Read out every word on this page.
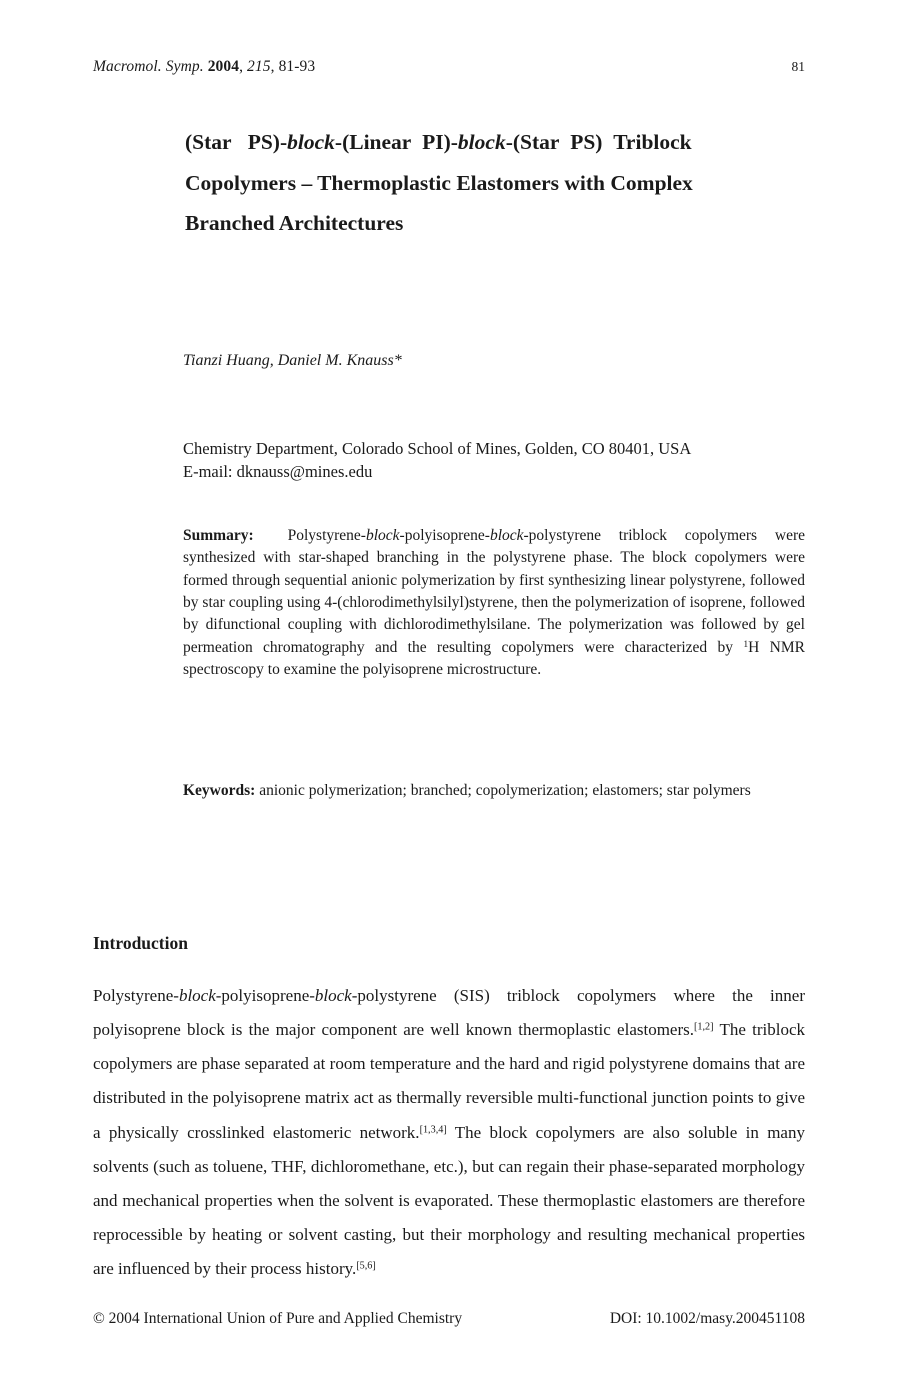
Macromol. Symp. 2004, 215, 81-93	81
(Star PS)-block-(Linear PI)-block-(Star PS) Triblock
Copolymers – Thermoplastic Elastomers with Complex
Branched Architectures
Tianzi Huang, Daniel M. Knauss*
Chemistry Department, Colorado School of Mines, Golden, CO 80401, USA
E-mail: dknauss@mines.edu
Summary: Polystyrene-block-polyisoprene-block-polystyrene triblock copolymers were synthesized with star-shaped branching in the polystyrene phase. The block copolymers were formed through sequential anionic polymerization by first synthesizing linear polystyrene, followed by star coupling using 4-(chlorodimethylsilyl)styrene, then the polymerization of isoprene, followed by difunctional coupling with dichlorodimethylsilane. The polymerization was followed by gel permeation chromatography and the resulting copolymers were characterized by $^1$H NMR spectroscopy to examine the polyisoprene microstructure.
Keywords: anionic polymerization; branched; copolymerization; elastomers; star polymers
Introduction

Polystyrene-block-polyisoprene-block-polystyrene (SIS) triblock copolymers where the inner polyisoprene block is the major component are well known thermoplastic elastomers.[1,2] The triblock copolymers are phase separated at room temperature and the hard and rigid polystyrene domains that are distributed in the polyisoprene matrix act as thermally reversible multi-functional junction points to give a physically crosslinked elastomeric network.[1,3,4] The block copolymers are also soluble in many solvents (such as toluene, THF, dichloromethane, etc.), but can regain their phase-separated morphology and mechanical properties when the solvent is evaporated. These thermoplastic elastomers are therefore reprocessible by heating or solvent casting, but their morphology and resulting mechanical properties are influenced by their process history.[5,6]

© 2004 International Union of Pure and Applied Chemistry	DOI: 10.1002/masy.200451108
